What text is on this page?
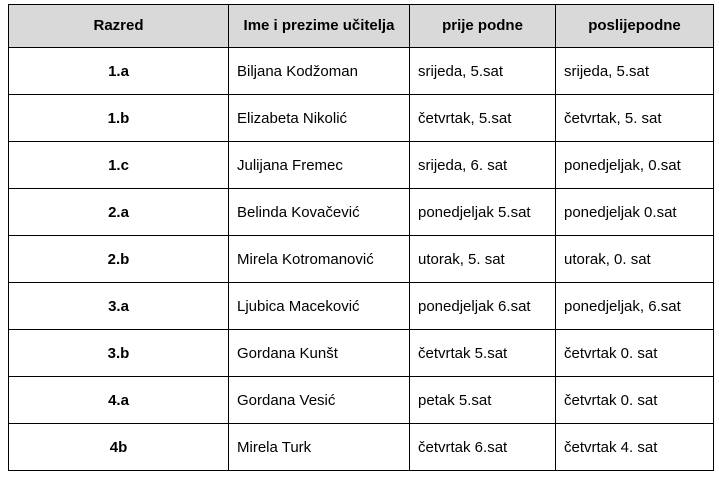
Razred	Ime i prezime učitelja	prije podne	poslijepodne
1.a	Biljana Kodžoman	srijeda, 5.sat	srijeda, 5.sat
1.b	Elizabeta Nikolić	četvrtak, 5.sat	četvrtak, 5. sat
1.c	Julijana Fremec	srijeda, 6. sat	ponedjeljak, 0.sat
2.a	Belinda Kovačević	ponedjeljak 5.sat	ponedjeljak 0.sat
2.b	Mirela Kotromanović	utorak, 5. sat	utorak, 0. sat
3.a	Ljubica Maceković	ponedjeljak 6.sat	ponedjeljak, 6.sat
3.b	Gordana Kunšt	četvrtak 5.sat	četvrtak 0. sat
4.a	Gordana Vesić	petak 5.sat	četvrtak 0. sat
4b	Mirela Turk	četvrtak 6.sat	četvrtak 4. sat
